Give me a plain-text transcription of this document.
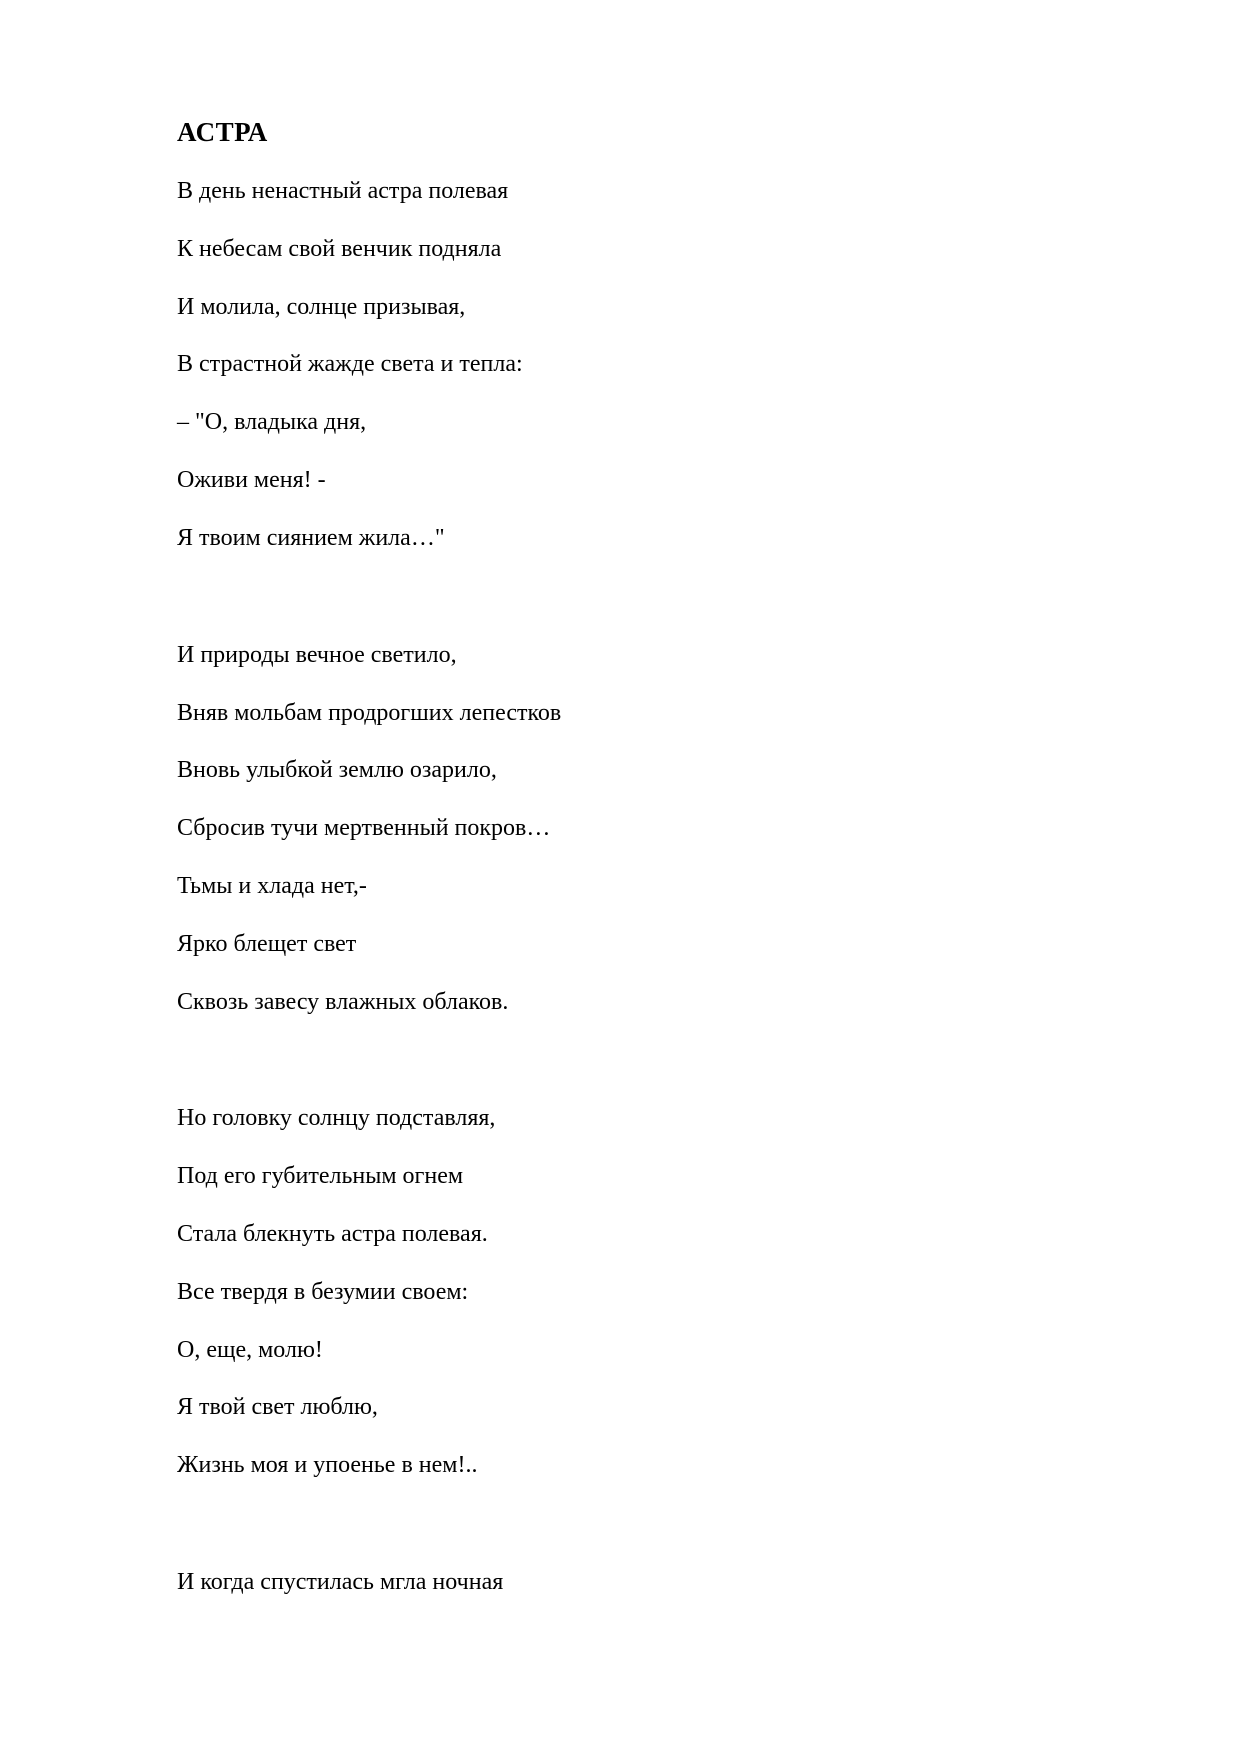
АСТРА

В день ненастный астра полевая

К небесам свой венчик подняла

И молила, солнце призывая,

В страстной жажде света и тепла:

– "О, владыка дня,

Оживи меня! -

Я твоим сиянием жила…"

И природы вечное светило,

Вняв мольбам продрогших лепестков

Вновь улыбкой землю озарило,

Сбросив тучи мертвенный покров…

Тьмы и хлада нет,-

Ярко блещет свет

Сквозь завесу влажных облаков.

Но головку солнцу подставляя,

Под его губительным огнем

Стала блекнуть астра полевая.

Все твердя в безумии своем:

О, еще, молю!

Я твой свет люблю,

Жизнь моя и упоенье в нем!..

И когда спустилась мгла ночная
